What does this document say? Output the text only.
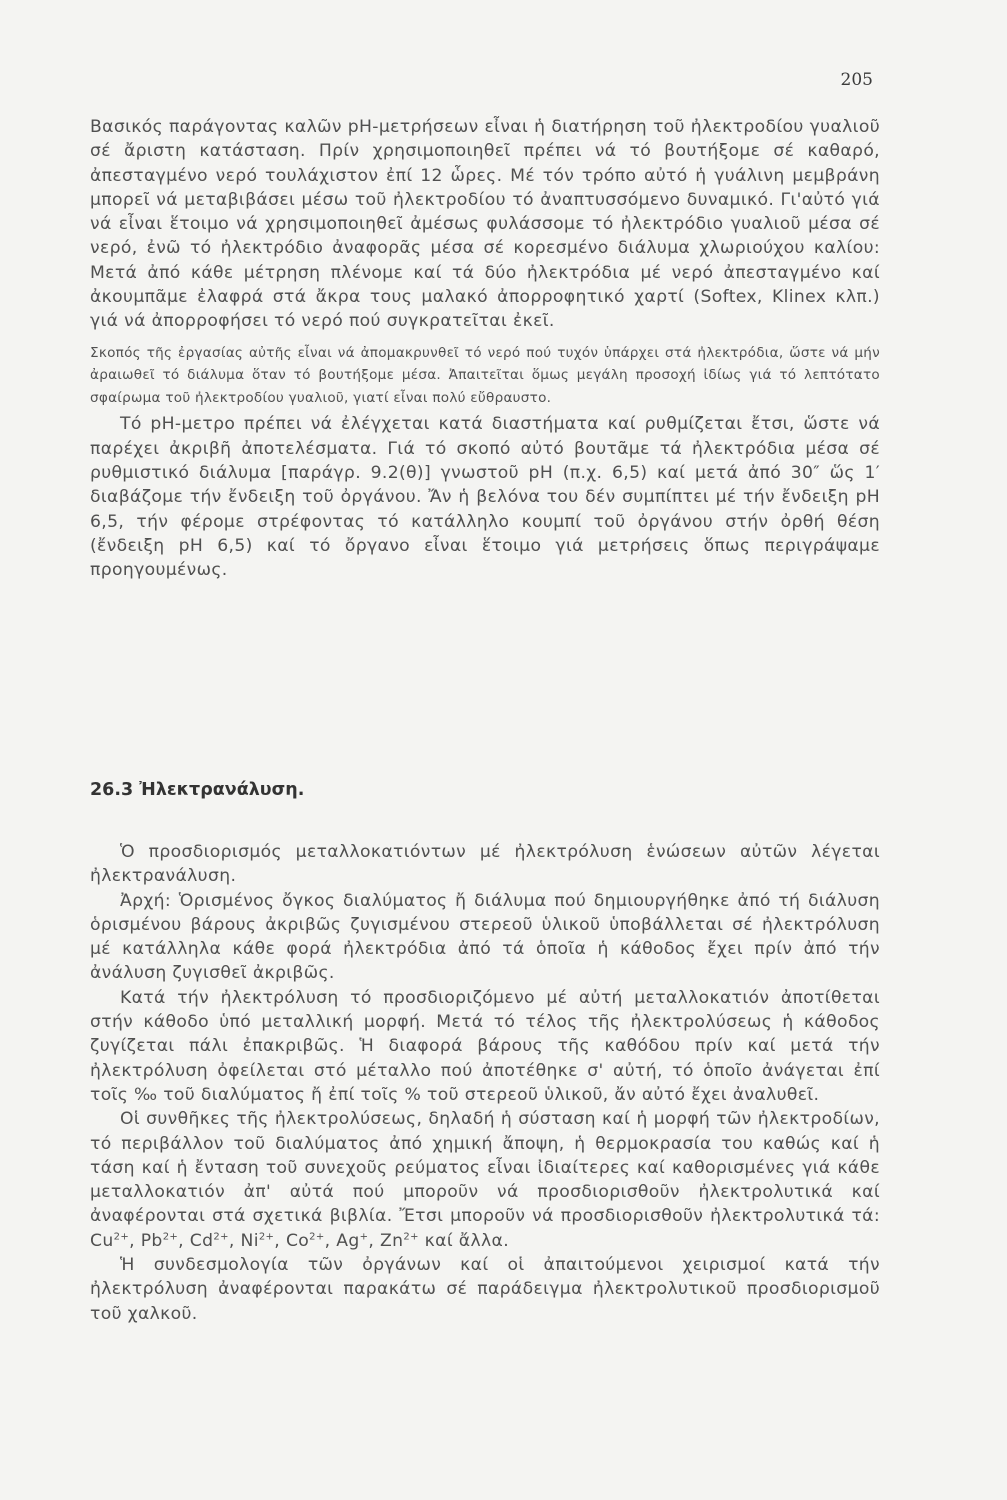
205

Βασικός παράγοντας καλῶν pH-μετρήσεων εἶναι ἡ διατήρηση τοῦ ἠλεκτροδίου γυαλιοῦ σέ ἄριστη κατάσταση. Πρίν χρησιμοποιηθεῖ πρέπει νά τό βουτήξομε σέ καθαρό, ἀπεσταγμένο νερό τουλάχιστον ἐπί 12 ὧρες. Μέ τόν τρόπο αὐτό ἡ γυάλινη μεμβράνη μπορεῖ νά μεταβιβάσει μέσω τοῦ ἠλεκτροδίου τό ἀναπτυσσόμενο δυναμικό. Γι'αὐτό γιά νά εἶναι ἕτοιμο νά χρησιμοποιηθεῖ ἀμέσως φυλάσσομε τό ἠλεκτρόδιο γυαλιοῦ μέσα σέ νερό, ἐνῶ τό ἠλεκτρόδιο ἀναφορᾶς μέσα σέ κορεσμένο διάλυμα χλωριούχου καλίου: Μετά ἀπό κάθε μέτρηση πλένομε καί τά δύο ἠλεκτρόδια μέ νερό ἀπεσταγμένο καί ἀκουμπᾶμε ἐλαφρά στά ἄκρα τους μαλακό ἀπορροφητικό χαρτί (Softex, Klinex κλπ.) γιά νά ἀπορροφήσει τό νερό πού συγκρατεῖται ἐκεῖ.

Σκοπός τῆς ἐργασίας αὐτῆς εἶναι νά ἀπομακρυνθεῖ τό νερό πού τυχόν ὑπάρχει στά ἠλεκτρόδια, ὥστε νά μήν ἀραιωθεῖ τό διάλυμα ὅταν τό βουτήξομε μέσα. Ἀπαιτεῖται ὅμως μεγάλη προσοχή ἰδίως γιά τό λεπτότατο σφαίρωμα τοῦ ἠλεκτροδίου γυαλιοῦ, γιατί εἶναι πολύ εὔθραυστο.

Τό pH-μετρο πρέπει νά ἐλέγχεται κατά διαστήματα καί ρυθμίζεται ἔτσι, ὥστε νά παρέχει ἀκριβῆ ἀποτελέσματα. Γιά τό σκοπό αὐτό βουτᾶμε τά ἠλεκτρόδια μέσα σέ ρυθμιστικό διάλυμα [παράγρ. 9.2(θ)] γνωστοῦ pH (π.χ. 6,5) καί μετά ἀπό 30″ ὥς 1′ διαβάζομε τήν ἔνδειξη τοῦ ὀργάνου. Ἄν ἡ βελόνα του δέν συμπίπτει μέ τήν ἔνδειξη pH 6,5, τήν φέρομε στρέφοντας τό κατάλληλο κουμπί τοῦ ὀργάνου στήν ὀρθή θέση (ἔνδειξη pH 6,5) καί τό ὄργανο εἶναι ἕτοιμο γιά μετρήσεις ὅπως περιγράψαμε προηγουμένως.

26.3 Ἠλεκτρανάλυση.

Ὁ προσδιορισμός μεταλλοκατιόντων μέ ἠλεκτρόλυση ἑνώσεων αὐτῶν λέγεται ἠλεκτρανάλυση.

Ἀρχή: Ὁρισμένος ὄγκος διαλύματος ἤ διάλυμα πού δημιουργήθηκε ἀπό τή διάλυση ὁρισμένου βάρους ἀκριβῶς ζυγισμένου στερεοῦ ὑλικοῦ ὑποβάλλεται σέ ἠλεκτρόλυση μέ κατάλληλα κάθε φορά ἠλεκτρόδια ἀπό τά ὁποῖα ἡ κάθοδος ἔχει πρίν ἀπό τήν ἀνάλυση ζυγισθεῖ ἀκριβῶς.

Κατά τήν ἠλεκτρόλυση τό προσδιοριζόμενο μέ αὐτή μεταλλοκατιόν ἀποτίθεται στήν κάθοδο ὑπό μεταλλική μορφή. Μετά τό τέλος τῆς ἠλεκτρολύσεως ἡ κάθοδος ζυγίζεται πάλι ἐπακριβῶς. Ἡ διαφορά βάρους τῆς καθόδου πρίν καί μετά τήν ἠλεκτρόλυση ὀφείλεται στό μέταλλο πού ἀποτέθηκε σ' αὐτή, τό ὁποῖο ἀνάγεται ἐπί τοῖς ‰ τοῦ διαλύματος ἤ ἐπί τοῖς % τοῦ στερεοῦ ὑλικοῦ, ἄν αὐτό ἔχει ἀναλυθεῖ.

Οἱ συνθῆκες τῆς ἠλεκτρολύσεως, δηλαδή ἡ σύσταση καί ἡ μορφή τῶν ἠλεκτροδίων, τό περιβάλλον τοῦ διαλύματος ἀπό χημική ἄποψη, ἡ θερμοκρασία του καθώς καί ἡ τάση καί ἡ ἔνταση τοῦ συνεχοῦς ρεύματος εἶναι ἰδιαίτερες καί καθορισμένες γιά κάθε μεταλλοκατιόν ἀπ' αὐτά πού μποροῦν νά προσδιορισθοῦν ἠλεκτρολυτικά καί ἀναφέρονται στά σχετικά βιβλία. Ἔτσι μποροῦν νά προσδιορισθοῦν ἠλεκτρολυτικά τά: $Cu^{2+}$, $Pb^{2+}$, $Cd^{2+}$, $Ni^{2+}$, $Co^{2+}$, Ag+, $Zn^{2+}$ καί ἄλλα.

Ἡ συνδεσμολογία τῶν ὀργάνων καί οἱ ἀπαιτούμενοι χειρισμοί κατά τήν ἠλεκτρόλυση ἀναφέρονται παρακάτω σέ παράδειγμα ἠλεκτρολυτικοῦ προσδιορισμοῦ τοῦ χαλκοῦ.
